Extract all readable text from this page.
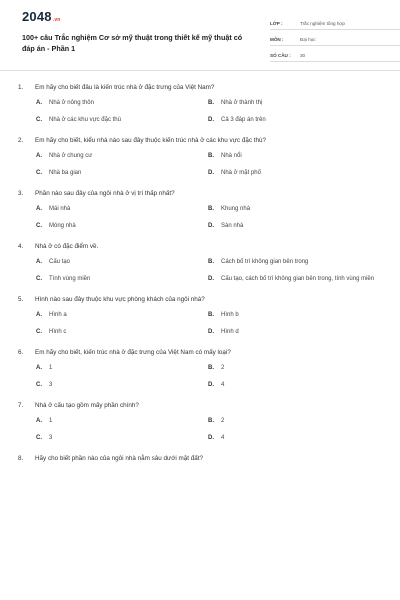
2048.vn
100+ câu Trắc nghiệm Cơ sở mỹ thuật trong thiết kế mỹ thuật có đáp án - Phần 1
LỚP :	Trắc nghiệm tổng hợp
MÔN :	Đại học
SỐ CÂU :	30
1.	Em hãy cho biết đâu là kiến trúc nhà ở đặc trưng của Việt Nam?
A.	Nhà ở nông thôn	B.	Nhà ở thành thị
C.	Nhà ở các khu vực đặc thù	D.	Cả 3 đáp án trên
2.	Em hãy cho biết, kiểu nhà nào sau đây thuộc kiến trúc nhà ở các khu vực đặc thù?
A.	Nhà ở chung cư	B.	Nhà nổi
C.	Nhà ba gian	D.	Nhà ở mặt phố
3.	Phần nào sau đây của ngôi nhà ở vị trí thấp nhất?
A.	Mái nhà	B.	Khung nhà
C.	Móng nhà	D.	Sàn nhà
4.	Nhà ở có đặc điểm về.
A.	Cấu tạo	B.	Cách bố trí không gian bên trong
C.	Tính vùng miền	D.	Cấu tạo, cách bố trí không gian bên trong, tính vùng miền
5.	Hình nào sau đây thuộc khu vực phòng khách của ngôi nhà?
A.	Hình a	B.	Hình b
C.	Hình c	D.	Hình d
6.	Em hãy cho biết, kiến trúc nhà ở đặc trưng của Việt Nam có mấy loại?
A.	1	B.	2
C.	3	D.	4
7.	Nhà ở cấu tạo gồm mấy phần chính?
A.	1	B.	2
C.	3	D.	4
8.	Hãy cho biết phần nào của ngôi nhà nằm sâu dưới mặt đất?
